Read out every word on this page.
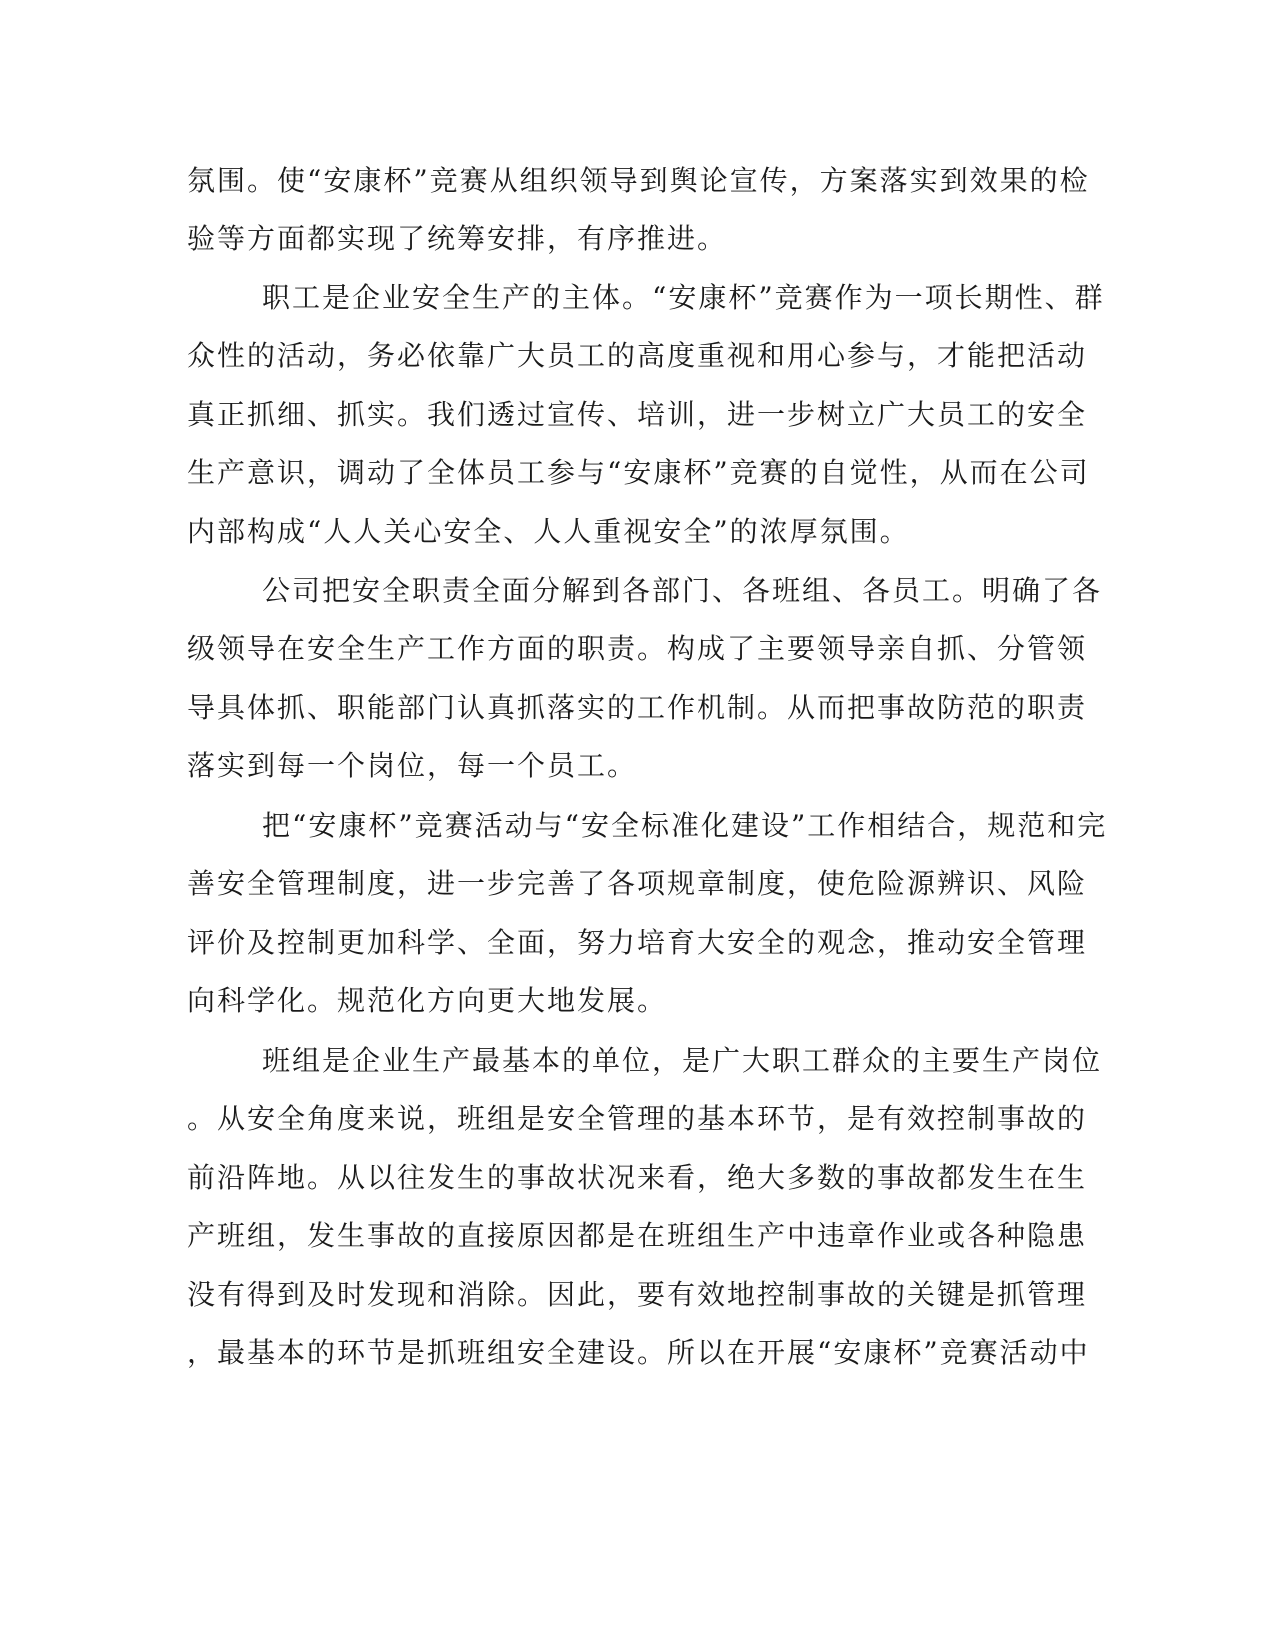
氛围。使“安康杯”竞赛从组织领导到舆论宣传，方案落实到效果的检
验等方面都实现了统筹安排，有序推进。
职工是企业安全生产的主体。“安康杯”竞赛作为一项长期性、群
众性的活动，务必依靠广大员工的高度重视和用心参与，才能把活动
真正抓细、抓实。我们透过宣传、培训，进一步树立广大员工的安全
生产意识，调动了全体员工参与“安康杯”竞赛的自觉性，从而在公司
内部构成“人人关心安全、人人重视安全”的浓厚氛围。
公司把安全职责全面分解到各部门、各班组、各员工。明确了各
级领导在安全生产工作方面的职责。构成了主要领导亲自抓、分管领
导具体抓、职能部门认真抓落实的工作机制。从而把事故防范的职责
落实到每一个岗位，每一个员工。
把“安康杯”竞赛活动与“安全标准化建设”工作相结合，规范和完
善安全管理制度，进一步完善了各项规章制度，使危险源辨识、风险
评价及控制更加科学、全面，努力培育大安全的观念，推动安全管理
向科学化。规范化方向更大地发展。
班组是企业生产最基本的单位，是广大职工群众的主要生产岗位
。从安全角度来说，班组是安全管理的基本环节，是有效控制事故的
前沿阵地。从以往发生的事故状况来看，绝大多数的事故都发生在生
产班组，发生事故的直接原因都是在班组生产中违章作业或各种隐患
没有得到及时发现和消除。因此，要有效地控制事故的关键是抓管理
，最基本的环节是抓班组安全建设。所以在开展“安康杯”竞赛活动中
